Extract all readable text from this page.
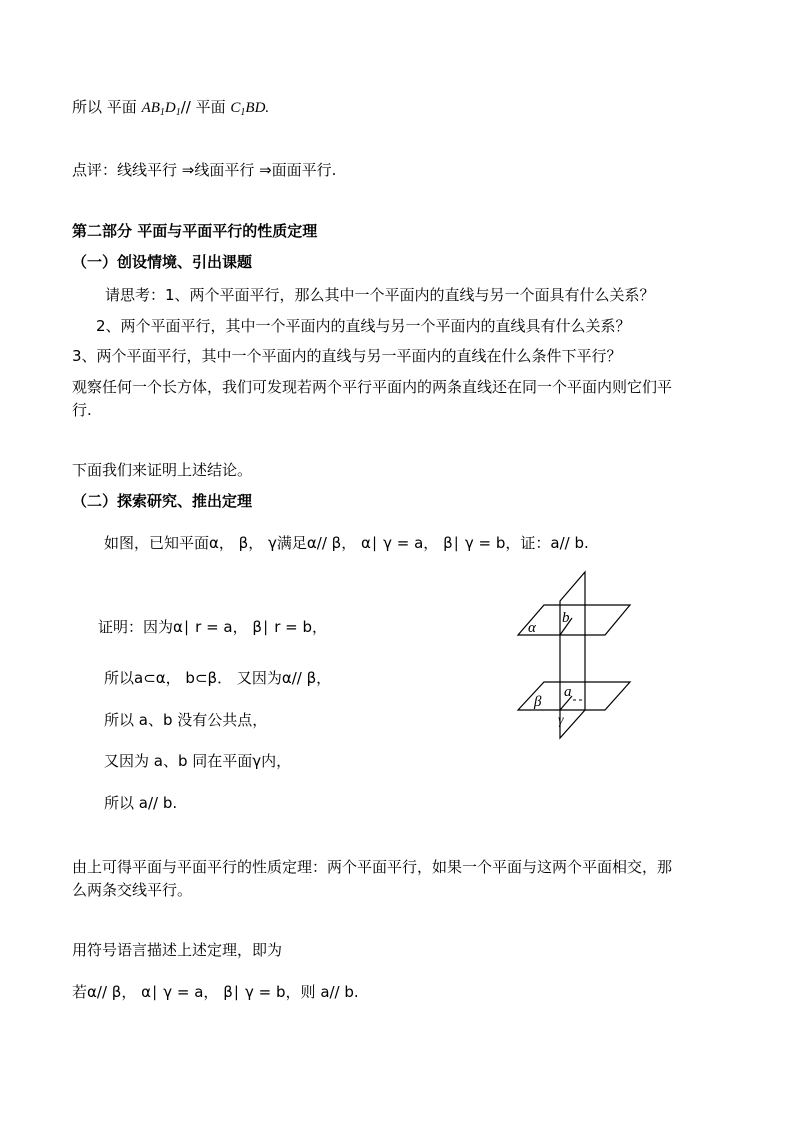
所以 平面 $AB_1D_1//$ 平面 $C_1BD$.
点评：线线平行 ⇒线面平行 ⇒面面平行.
第二部分 平面与平面平行的性质定理
（一）创设情境、引出课题
请思考：1、两个平面平行，那么其中一个平面内的直线与另一个面具有什么关系？
2、两个平面平行，其中一个平面内的直线与另一个平面内的直线具有什么关系？
3、两个平面平行，其中一个平面内的直线与另一平面内的直线在什么条件下平行？
观察任何一个长方体，我们可发现若两个平行平面内的两条直线还在同一个平面内则它们平
行.
下面我们来证明上述结论。
（二）探索研究、推出定理
如图，已知平面α， β， γ满足α// β， α∣ γ = a， β∣ γ = b，证：a// b.
证明：因为α∣ r = a， β∣ r = b，
所以a⊂α， b⊂β． 又因为α// β，
所以 a、b 没有公共点，
又因为 a、b 同在平面γ内，
所以 a// b.
由上可得平面与平面平行的性质定理：两个平面平行，如果一个平面与这两个平面相交，那
么两条交线平行。
用符号语言描述上述定理，即为
若α// β， α∣ γ = a， β∣ γ = b，则 a// b.
α
β
γ
a
b
